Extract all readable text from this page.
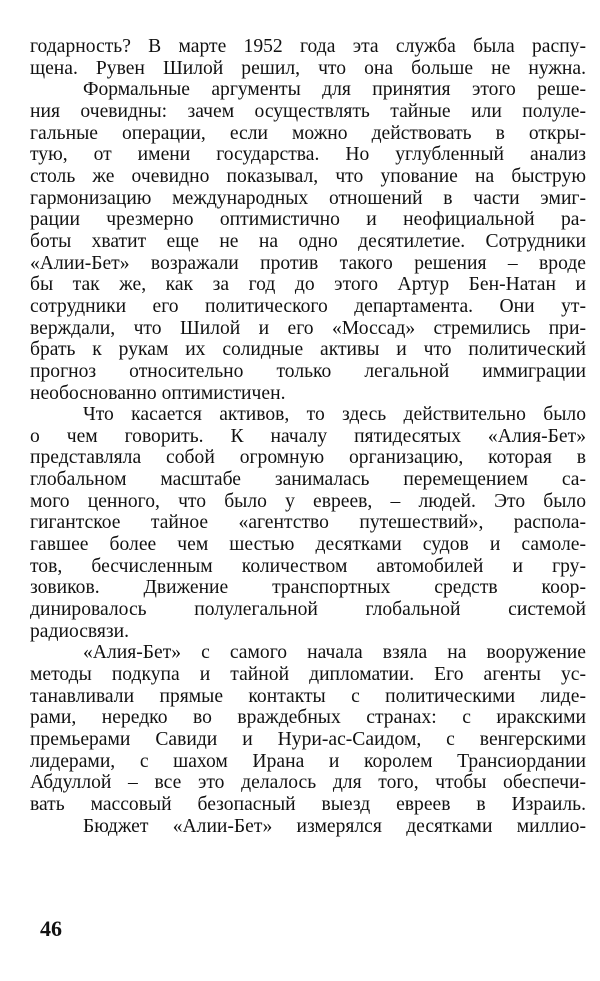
годарность? В марте 1952 года эта служба была распу-
щена. Рувен Шилой решил, что она больше не нужна.
Формальные аргументы для принятия этого реше-
ния очевидны: зачем осуществлять тайные или полуле-
гальные операции, если можно действовать в откры-
тую, от имени государства. Но углубленный анализ
столь же очевидно показывал, что упование на быструю
гармонизацию международных отношений в части эмиг-
рации чрезмерно оптимистично и неофициальной ра-
боты хватит еще не на одно десятилетие. Сотрудники
«Алии-Бет» возражали против такого решения – вроде
бы так же, как за год до этого Артур Бен-Натан и
сотрудники его политического департамента. Они ут-
верждали, что Шилой и его «Моссад» стремились при-
брать к рукам их солидные активы и что политический
прогноз относительно только легальной иммиграции
необоснованно оптимистичен.
Что касается активов, то здесь действительно было
о чем говорить. К началу пятидесятых «Алия-Бет»
представляла собой огромную организацию, которая в
глобальном масштабе занималась перемещением са-
мого ценного, что было у евреев, – людей. Это было
гигантское тайное «агентство путешествий», распола-
гавшее более чем шестью десятками судов и самоле-
тов, бесчисленным количеством автомобилей и гру-
зовиков. Движение транспортных средств коор-
динировалось полулегальной глобальной системой
радиосвязи.
«Алия-Бет» с самого начала взяла на вооружение
методы подкупа и тайной дипломатии. Его агенты ус-
танавливали прямые контакты с политическими лиде-
рами, нередко во враждебных странах: с иракскими
премьерами Савиди и Нури-ас-Саидом, с венгерскими
лидерами, с шахом Ирана и королем Трансиордании
Абдуллой – все это делалось для того, чтобы обеспечи-
вать массовый безопасный выезд евреев в Израиль.
Бюджет «Алии-Бет» измерялся десятками миллио-
46
